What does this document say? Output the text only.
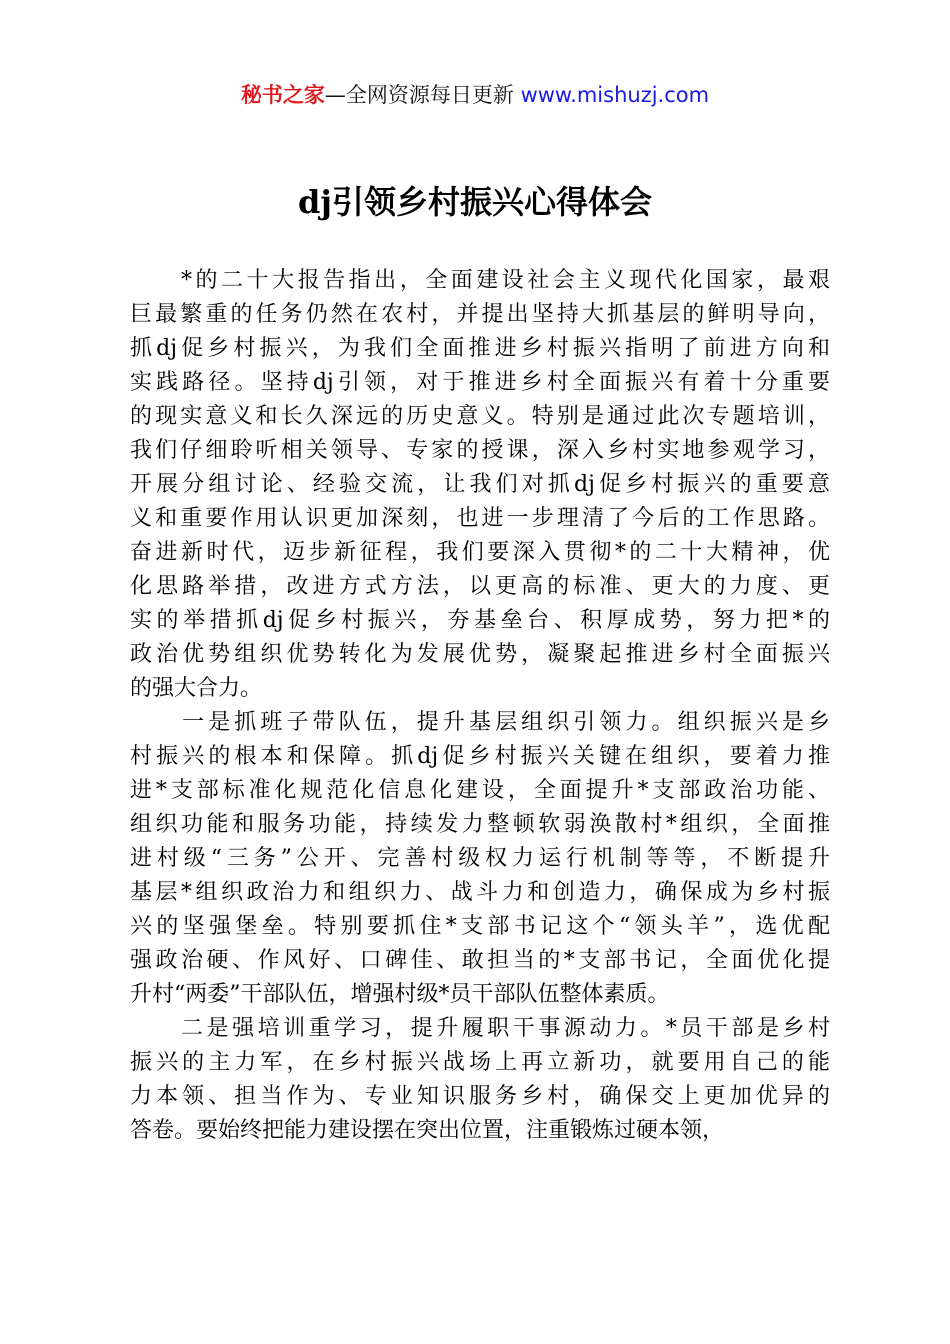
秘书之家—全网资源每日更新 www.mishuzj.com
dj引领乡村振兴心得体会
　　*的二十大报告指出，全面建设社会主义现代化国家，最艰
巨最繁重的任务仍然在农村，并提出坚持大抓基层的鲜明导向，
抓dj促乡村振兴，为我们全面推进乡村振兴指明了前进方向和
实践路径。坚持dj引领，对于推进乡村全面振兴有着十分重要
的现实意义和长久深远的历史意义。特别是通过此次专题培训，
我们仔细聆听相关领导、专家的授课，深入乡村实地参观学习，
开展分组讨论、经验交流，让我们对抓dj促乡村振兴的重要意
义和重要作用认识更加深刻，也进一步理清了今后的工作思路。
奋进新时代，迈步新征程，我们要深入贯彻*的二十大精神，优
化思路举措，改进方式方法，以更高的标准、更大的力度、更
实的举措抓dj促乡村振兴，夯基垒台、积厚成势，努力把*的
政治优势组织优势转化为发展优势，凝聚起推进乡村全面振兴
的强大合力。
　　一是抓班子带队伍，提升基层组织引领力。组织振兴是乡
村振兴的根本和保障。抓dj促乡村振兴关键在组织，要着力推
进*支部标准化规范化信息化建设，全面提升*支部政治功能、
组织功能和服务功能，持续发力整顿软弱涣散村*组织，全面推
进村级“三务”公开、完善村级权力运行机制等等，不断提升
基层*组织政治力和组织力、战斗力和创造力，确保成为乡村振
兴的坚强堡垒。特别要抓住*支部书记这个“领头羊”，选优配
强政治硬、作风好、口碑佳、敢担当的*支部书记，全面优化提
升村“两委”干部队伍，增强村级*员干部队伍整体素质。
　　二是强培训重学习，提升履职干事源动力。*员干部是乡村
振兴的主力军，在乡村振兴战场上再立新功，就要用自己的能
力本领、担当作为、专业知识服务乡村，确保交上更加优异的
答卷。要始终把能力建设摆在突出位置，注重锻炼过硬本领，
